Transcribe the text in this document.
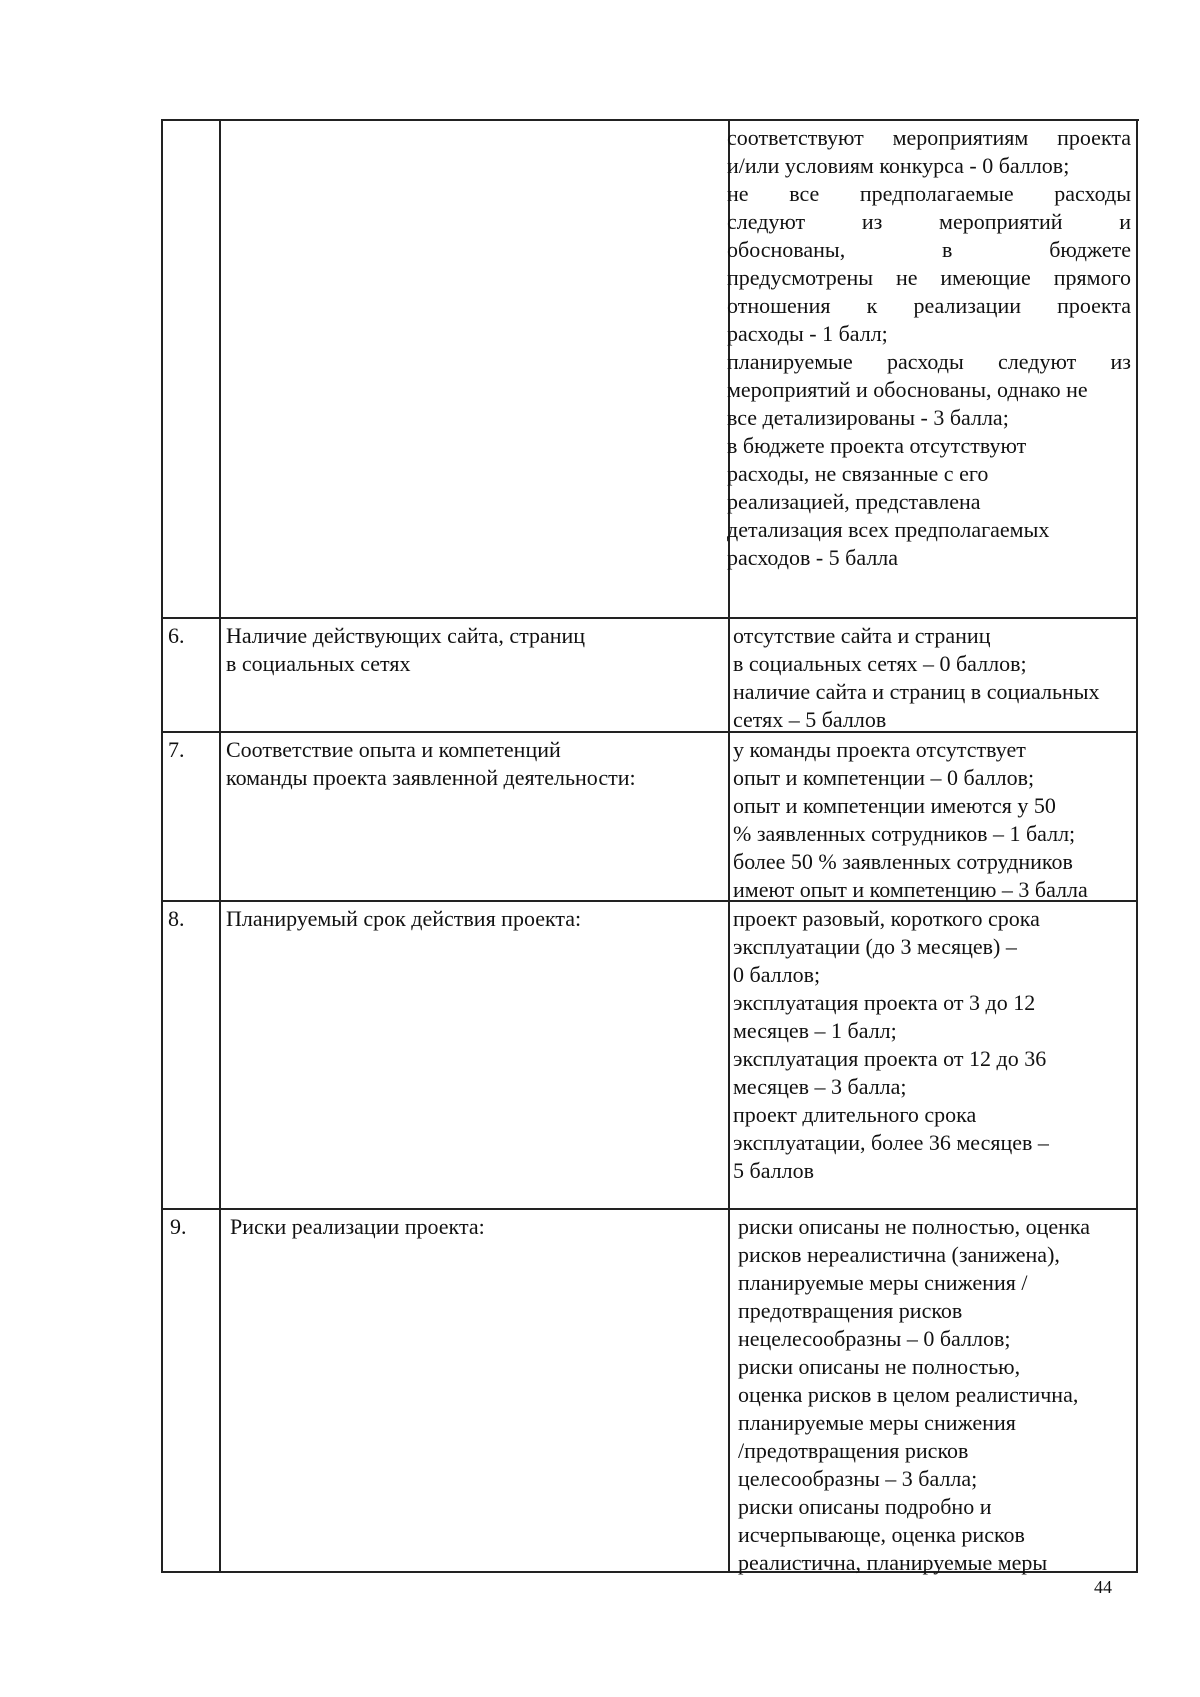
соответствуют мероприятиям проекта
и/или условиям конкурса - 0 баллов;
не все предполагаемые расходы
следуют из мероприятий и
обоснованы, в бюджете
предусмотрены не имеющие прямого
отношения к реализации проекта
расходы - 1 балл;
планируемые расходы следуют из
мероприятий и обоснованы, однако не
все детализированы - 3 балла;
в бюджете проекта отсутствуют
расходы, не связанные с его
реализацией, представлена
детализация всех предполагаемых
расходов - 5 балла
6. Наличие действующих сайта, страниц
в социальных сетях
отсутствие сайта и страниц
в социальных сетях – 0 баллов;
наличие сайта и страниц в социальных
сетях – 5 баллов
7. Соответствие опыта и компетенций
команды проекта заявленной деятельности:
у команды проекта отсутствует
опыт и компетенции – 0 баллов;
опыт и компетенции имеются у 50
% заявленных сотрудников – 1 балл;
более 50 % заявленных сотрудников
имеют опыт и компетенцию – 3 балла
8. Планируемый срок действия проекта:	проект разовый, короткого срока
эксплуатации (до 3 месяцев) –
0 баллов;
эксплуатация проекта от 3 до 12
месяцев – 1 балл;
эксплуатация проекта от 12 до 36
месяцев – 3 балла;
проект длительного срока
эксплуатации, более 36 месяцев –
5 баллов
9. Риски реализации проекта:	риски описаны не полностью, оценка
рисков нереалистична (занижена),
планируемые меры снижения /
предотвращения рисков
нецелесообразны – 0 баллов;
риски описаны не полностью,
оценка рисков в целом реалистична,
планируемые меры снижения
/предотвращения рисков
целесообразны – 3 балла;
риски описаны подробно и
исчерпывающе, оценка рисков
реалистична, планируемые меры
44
